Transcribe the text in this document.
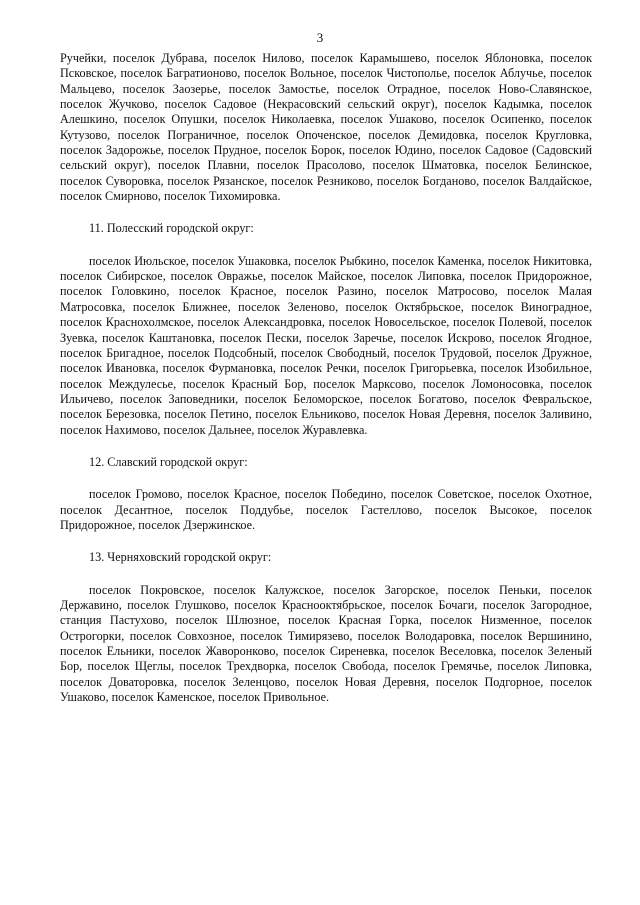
3

Ручейки, поселок Дубрава, поселок Нилово, поселок Карамышево, поселок Яблоновка, поселок Псковское, поселок Багратионово, поселок Вольное, поселок Чистополье, поселок Аблучье, поселок Мальцево, поселок Заозерье, поселок Замостье, поселок Отрадное, поселок Ново-Славянское, поселок Жучково, поселок Садовое (Некрасовский сельский округ), поселок Кадымка, поселок Алешкино, поселок Опушки, поселок Николаевка, поселок Ушаково, поселок Осипенко, поселок Кутузово, поселок Пограничное, поселок Опоченское, поселок Демидовка, поселок Кругловка, поселок Задорожье, поселок Прудное, поселок Борок, поселок Юдино, поселок Садовое (Садовский сельский округ), поселок Плавни, поселок Прасолово, поселок Шматовка, поселок Белинское, поселок Суворовка, поселок Рязанское, поселок Резниково, поселок Богданово, поселок Валдайское, поселок Смирново, поселок Тихомировка.

11. Полесский городской округ:

поселок Июльское, поселок Ушаковка, поселок Рыбкино, поселок Каменка, поселок Никитовка, поселок Сибирское, поселок Овражье, поселок Майское, поселок Липовка, поселок Придорожное, поселок Головкино, поселок Красное, поселок Разино, поселок Матросово, поселок Малая Матросовка, поселок Ближнее, поселок Зеленово, поселок Октябрьское, поселок Виноградное, поселок Краснохолмское, поселок Александровка, поселок Новосельское, поселок Полевой, поселок Зуевка, поселок Каштановка, поселок Пески, поселок Заречье, поселок Искрово, поселок Ягодное, поселок Бригадное, поселок Подсобный, поселок Свободный, поселок Трудовой, поселок Дружное, поселок Ивановка, поселок Фурмановка, поселок Речки, поселок Григорьевка, поселок Изобильное, поселок Междулесье, поселок Красный Бор, поселок Марксово, поселок Ломоносовка, поселок Ильичево, поселок Заповедники, поселок Беломорское, поселок Богатово, поселок Февральское, поселок Березовка, поселок Петино, поселок Ельниково, поселок Новая Деревня, поселок Заливино, поселок Нахимово, поселок Дальнее, поселок Журавлевка.

12. Славский городской округ:

поселок Громово, поселок Красное, поселок Победино, поселок Советское, поселок Охотное, поселок Десантное, поселок Поддубье, поселок Гастеллово, поселок Высокое, поселок Придорожное, поселок Дзержинское.

13. Черняховский городской округ:

поселок Покровское, поселок Калужское, поселок Загорское, поселок Пеньки, поселок Державино, поселок Глушково, поселок Краснооктябрьское, поселок Бочаги, поселок Загородное, станция Пастухово, поселок Шлюзное, поселок Красная Горка, поселок Низменное, поселок Острогорки, поселок Совхозное, поселок Тимирязево, поселок Володаровка, поселок Вершинино, поселок Ельники, поселок Жаворонково, поселок Сиреневка, поселок Веселовка, поселок Зеленый Бор, поселок Щеглы, поселок Трехдворка, поселок Свобода, поселок Гремячье, поселок Липовка, поселок Доваторовка, поселок Зеленцово, поселок Новая Деревня, поселок Подгорное, поселок Ушаково, поселок Каменское, поселок Привольное.
